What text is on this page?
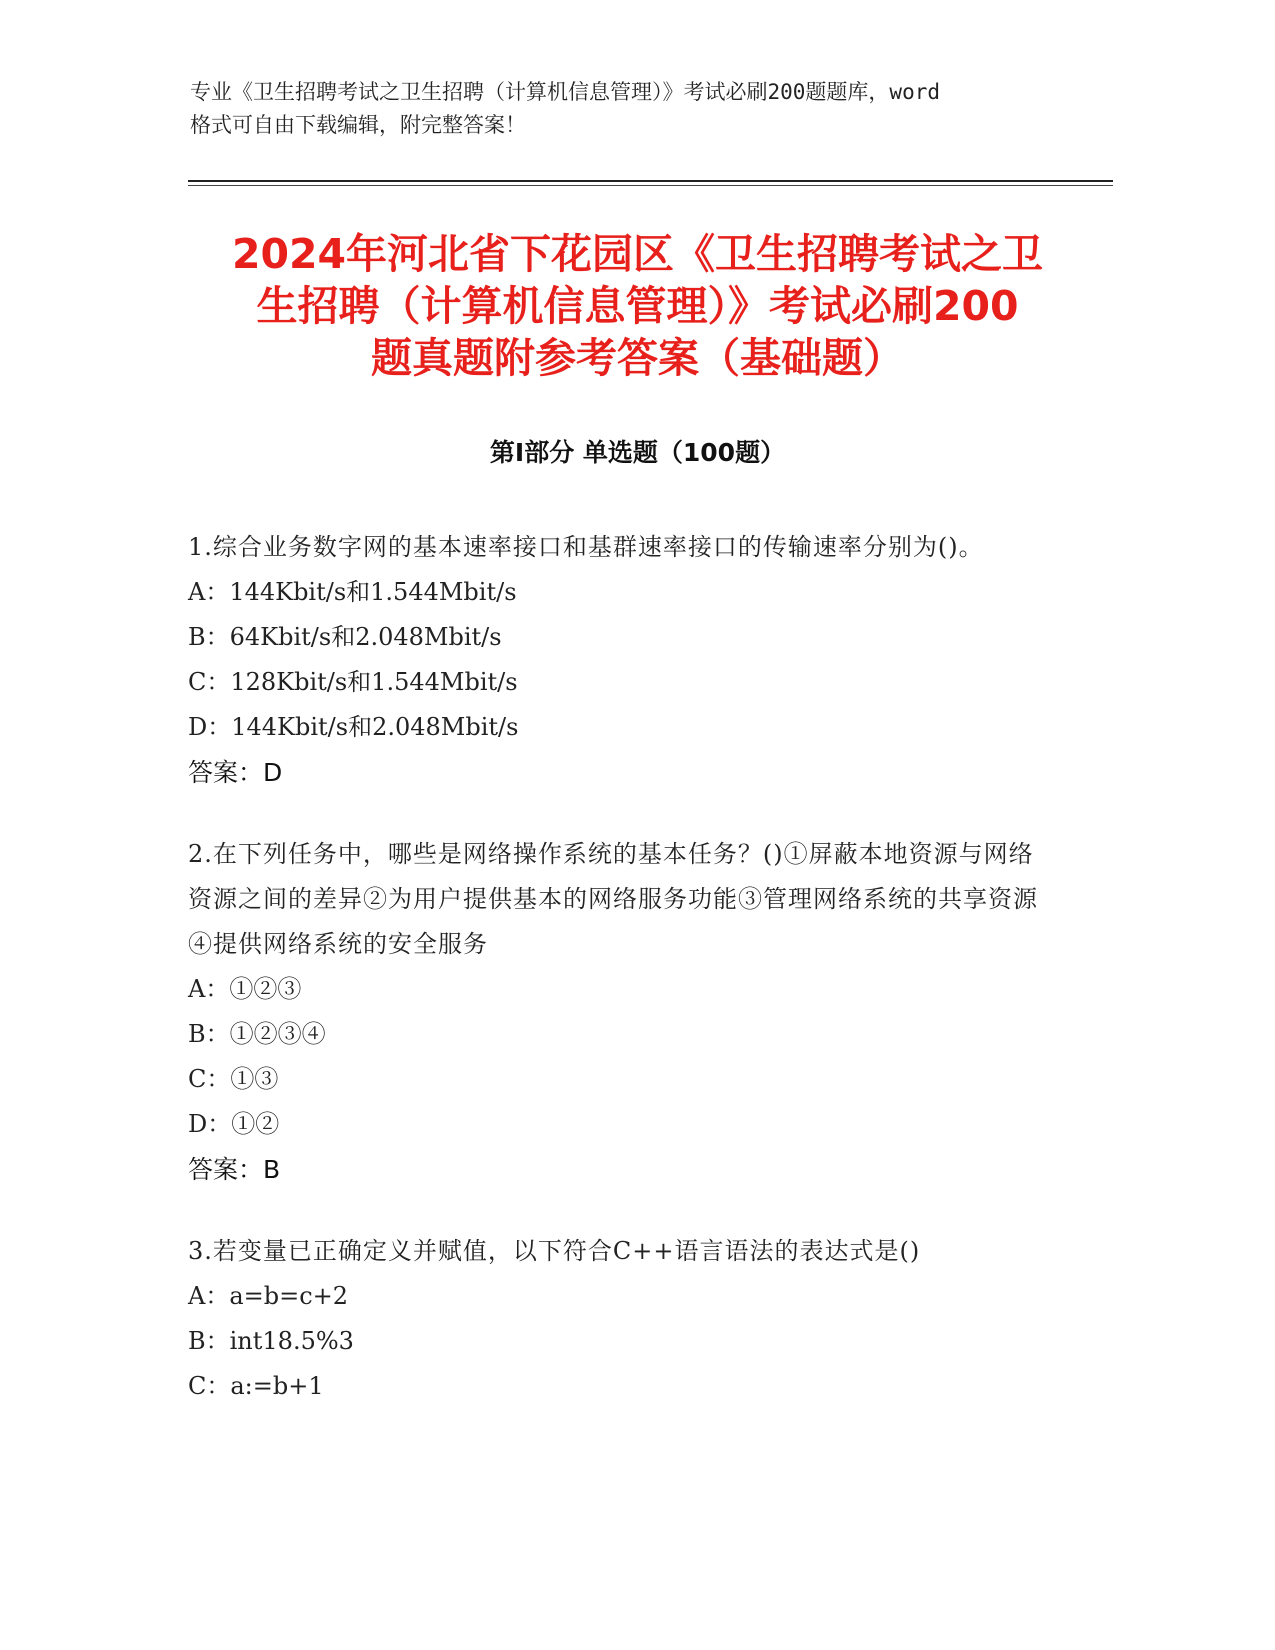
专业《卫生招聘考试之卫生招聘（计算机信息管理）》考试必刷200题题库，word
格式可自由下载编辑，附完整答案！
2024年河北省下花园区《卫生招聘考试之卫
生招聘（计算机信息管理）》考试必刷200
题真题附参考答案（基础题）
第Ⅰ部分 单选题（100题）
1.综合业务数字网的基本速率接口和基群速率接口的传输速率分别为()。
A：144Kbit/s和1.544Mbit/s
B：64Kbit/s和2.048Mbit/s
C：128Kbit/s和1.544Mbit/s
D：144Kbit/s和2.048Mbit/s
答案：D
2.在下列任务中，哪些是网络操作系统的基本任务？()①屏蔽本地资源与网络资源之间的差异②为用户提供基本的网络服务功能③管理网络系统的共享资源④提供网络系统的安全服务
A：①②③
B：①②③④
C：①③
D：①②
答案：B
3.若变量已正确定义并赋值，以下符合C++语言语法的表达式是()
A：a=b=c+2
B：int18.5%3
C：a:=b+1
